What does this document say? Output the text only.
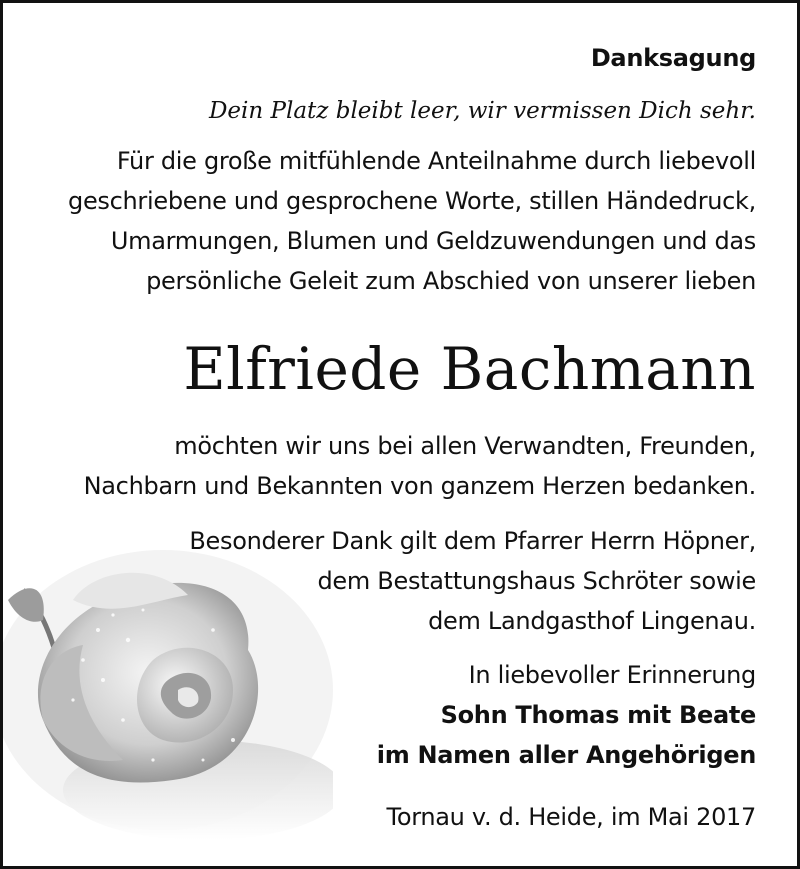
Danksagung
Dein Platz bleibt leer, wir vermissen Dich sehr.
Für die große mitfühlende Anteilnahme durch liebevoll
geschriebene und gesprochene Worte, stillen Händedruck,
Umarmungen, Blumen und Geldzuwendungen und das
persönliche Geleit zum Abschied von unserer lieben
Elfriede Bachmann
möchten wir uns bei allen Verwandten, Freunden,
Nachbarn und Bekannten von ganzem Herzen bedanken.
Besonderer Dank gilt dem Pfarrer Herrn Höpner,
dem Bestattungshaus Schröter sowie
dem Landgasthof Lingenau.
In liebevoller Erinnerung
Sohn Thomas mit Beate
im Namen aller Angehörigen
Tornau v. d. Heide, im Mai 2017
